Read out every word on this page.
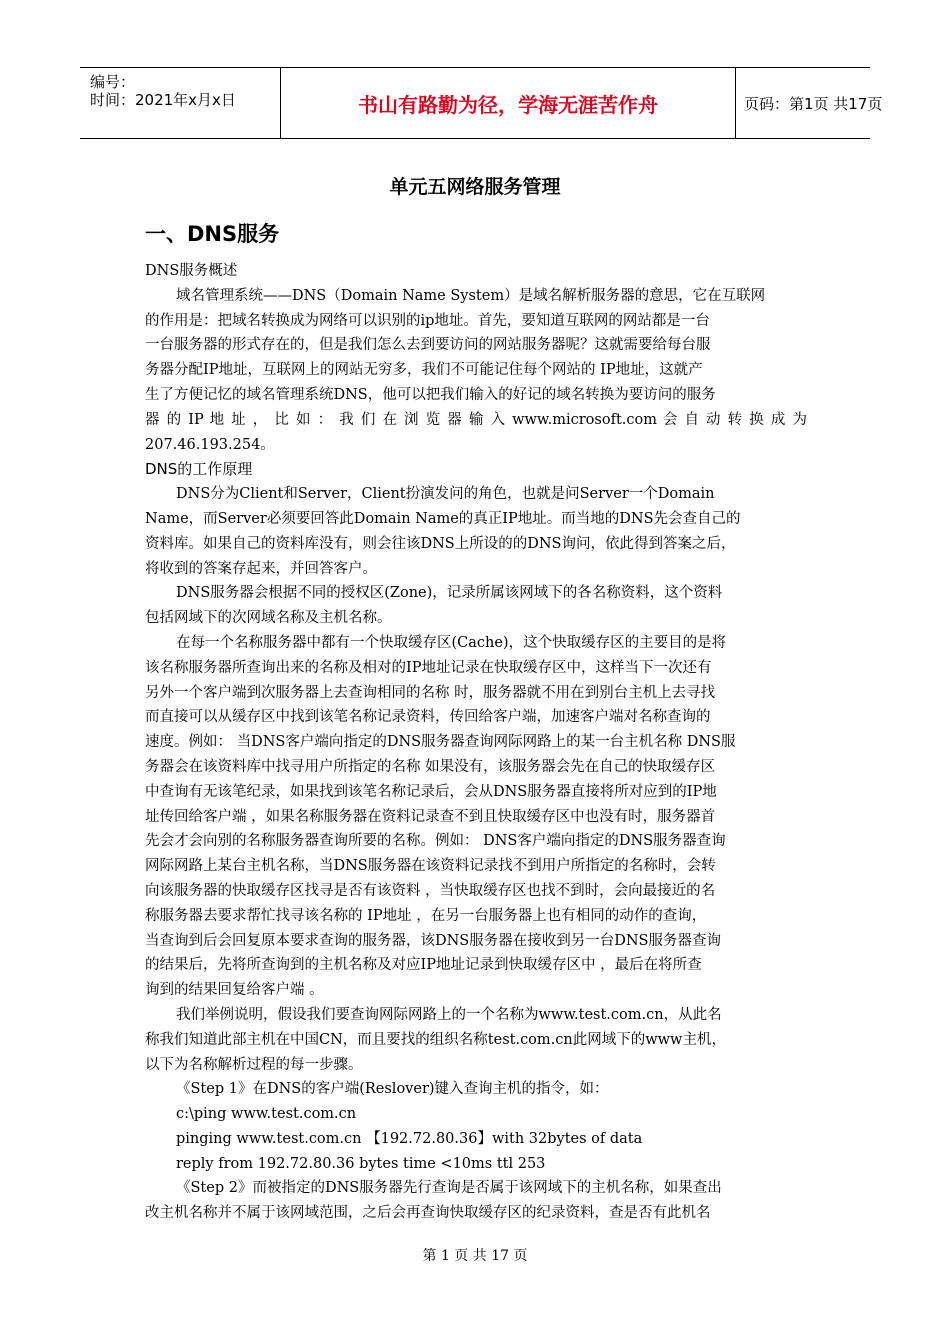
编号：
时间：2021年x月x日	书山有路勤为径，学海无涯苦作舟	页码：第1页 共17页
单元五网络服务管理
一、DNS服务
DNS服务概述
域名管理系统——DNS（Domain Name System）是域名解析服务器的意思，它在互联网
的作用是：把域名转换成为网络可以识别的ip地址。首先，要知道互联网的网站都是一台
一台服务器的形式存在的，但是我们怎么去到要访问的网站服务器呢？这就需要给每台服
务器分配IP地址，互联网上的网站无穷多，我们不可能记住每个网站的 IP地址，这就产
生了方便记忆的域名管理系统DNS，他可以把我们输入的好记的域名转换为要访问的服务
器 的 IP 地 址 ， 比 如 ： 我 们 在 浏 览 器 输 入 www.microsoft.com 会 自 动 转 换 成 为
207.46.193.254。
DNS的工作原理
DNS分为Client和Server，Client扮演发问的角色，也就是问Server一个Domain
Name，而Server必须要回答此Domain Name的真正IP地址。而当地的DNS先会查自己的
资料库。如果自己的资料库没有，则会往该DNS上所设的的DNS询问，依此得到答案之后，
将收到的答案存起来，并回答客户。
DNS服务器会根据不同的授权区(Zone)，记录所属该网域下的各名称资料，这个资料
包括网域下的次网域名称及主机名称。
在每一个名称服务器中都有一个快取缓存区(Cache)，这个快取缓存区的主要目的是将
该名称服务器所查询出来的名称及相对的IP地址记录在快取缓存区中，这样当下一次还有
另外一个客户端到次服务器上去查询相同的名称 时，服务器就不用在到别台主机上去寻找
而直接可以从缓存区中找到该笔名称记录资料，传回给客户端，加速客户端对名称查询的
速度。例如： 当DNS客户端向指定的DNS服务器查询网际网路上的某一台主机名称 DNS服
务器会在该资料库中找寻用户所指定的名称 如果没有，该服务器会先在自己的快取缓存区
中查询有无该笔纪录，如果找到该笔名称记录后，会从DNS服务器直接将所对应到的IP地
址传回给客户端 ，如果名称服务器在资料记录查不到且快取缓存区中也没有时，服务器首
先会才会向别的名称服务器查询所要的名称。例如： DNS客户端向指定的DNS服务器查询
网际网路上某台主机名称，当DNS服务器在该资料记录找不到用户所指定的名称时，会转
向该服务器的快取缓存区找寻是否有该资料 ，当快取缓存区也找不到时，会向最接近的名
称服务器去要求帮忙找寻该名称的 IP地址 ，在另一台服务器上也有相同的动作的查询，
当查询到后会回复原本要求查询的服务器，该DNS服务器在接收到另一台DNS服务器查询
的结果后，先将所查询到的主机名称及对应IP地址记录到快取缓存区中 ，最后在将所查
询到的结果回复给客户端 。
我们举例说明，假设我们要查询网际网路上的一个名称为www.test.com.cn，从此名
称我们知道此部主机在中国CN，而且要找的组织名称test.com.cn此网域下的www主机，
以下为名称解析过程的每一步骤。
《Step 1》在DNS的客户端(Reslover)键入查询主机的指令，如：
c:\ping www.test.com.cn
pinging www.test.com.cn 【192.72.80.36】with 32bytes of data
reply from 192.72.80.36 bytes time <10ms ttl 253
《Step 2》而被指定的DNS服务器先行查询是否属于该网域下的主机名称，如果查出
改主机名称并不属于该网域范围，之后会再查询快取缓存区的纪录资料，查是否有此机名
第 1 页 共 17 页
